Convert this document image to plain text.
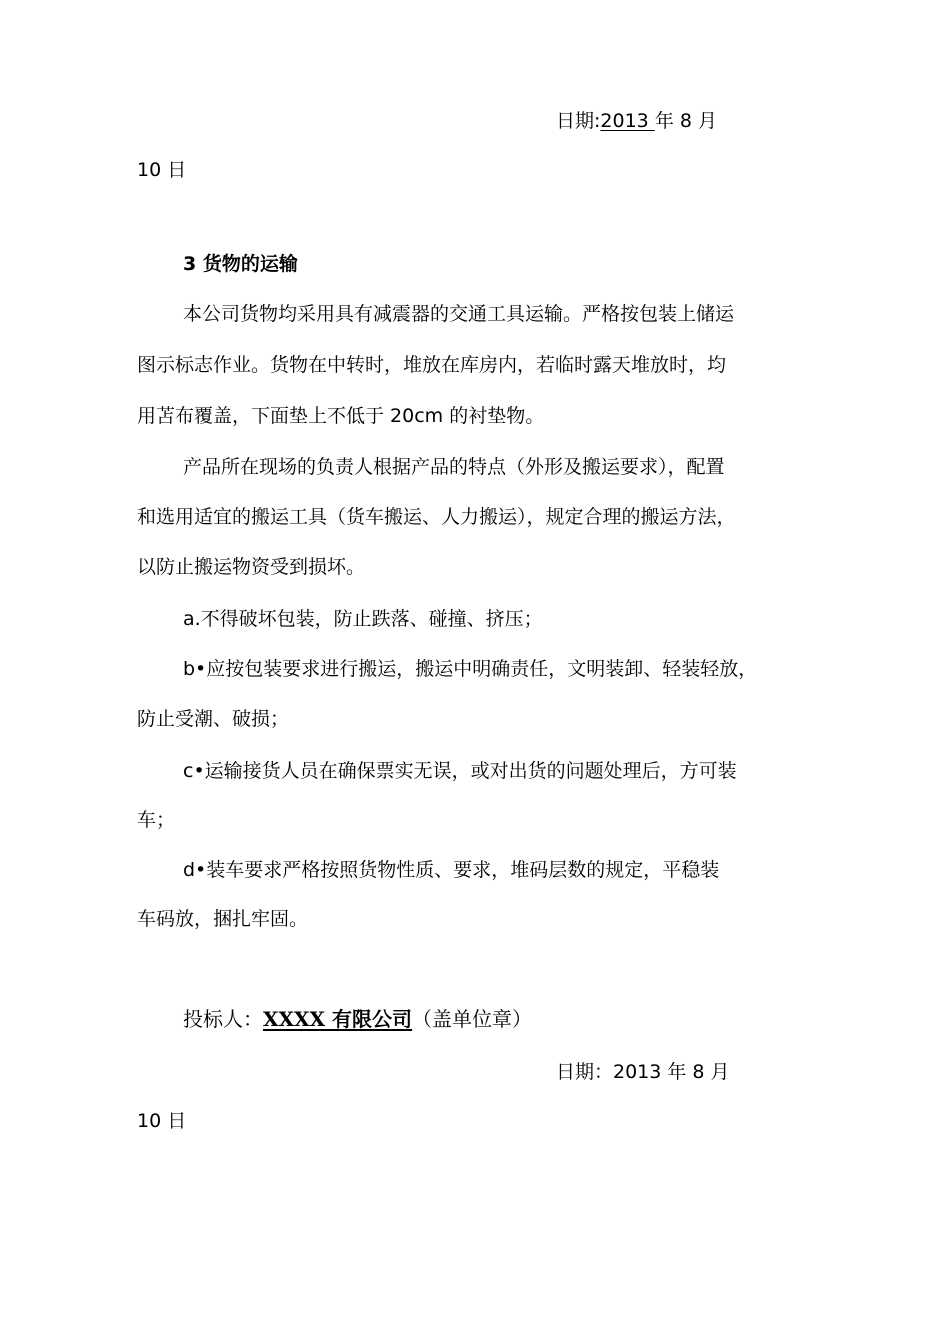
日期:2013 年 8 月
10 日
3 货物的运输
本公司货物均采用具有减震器的交通工具运输。严格按包装上储运
图示标志作业。货物在中转时，堆放在库房内，若临时露天堆放时，均
用苫布覆盖，下面垫上不低于 20cm 的衬垫物。
产品所在现场的负责人根据产品的特点（外形及搬运要求），配置
和选用适宜的搬运工具（货车搬运、人力搬运），规定合理的搬运方法，
以防止搬运物资受到损坏。
a.不得破坏包装，防止跌落、碰撞、挤压；
b•应按包装要求进行搬运，搬运中明确责任，文明装卸、轻装轻放，
防止受潮、破损；
c•运输接货人员在确保票实无误，或对出货的问题处理后，方可装
车；
d•装车要求严格按照货物性质、要求，堆码层数的规定，平稳装
车码放，捆扎牢固。
投标人：XXXX 有限公司（盖单位章）
日期：2013 年 8 月
10 日
